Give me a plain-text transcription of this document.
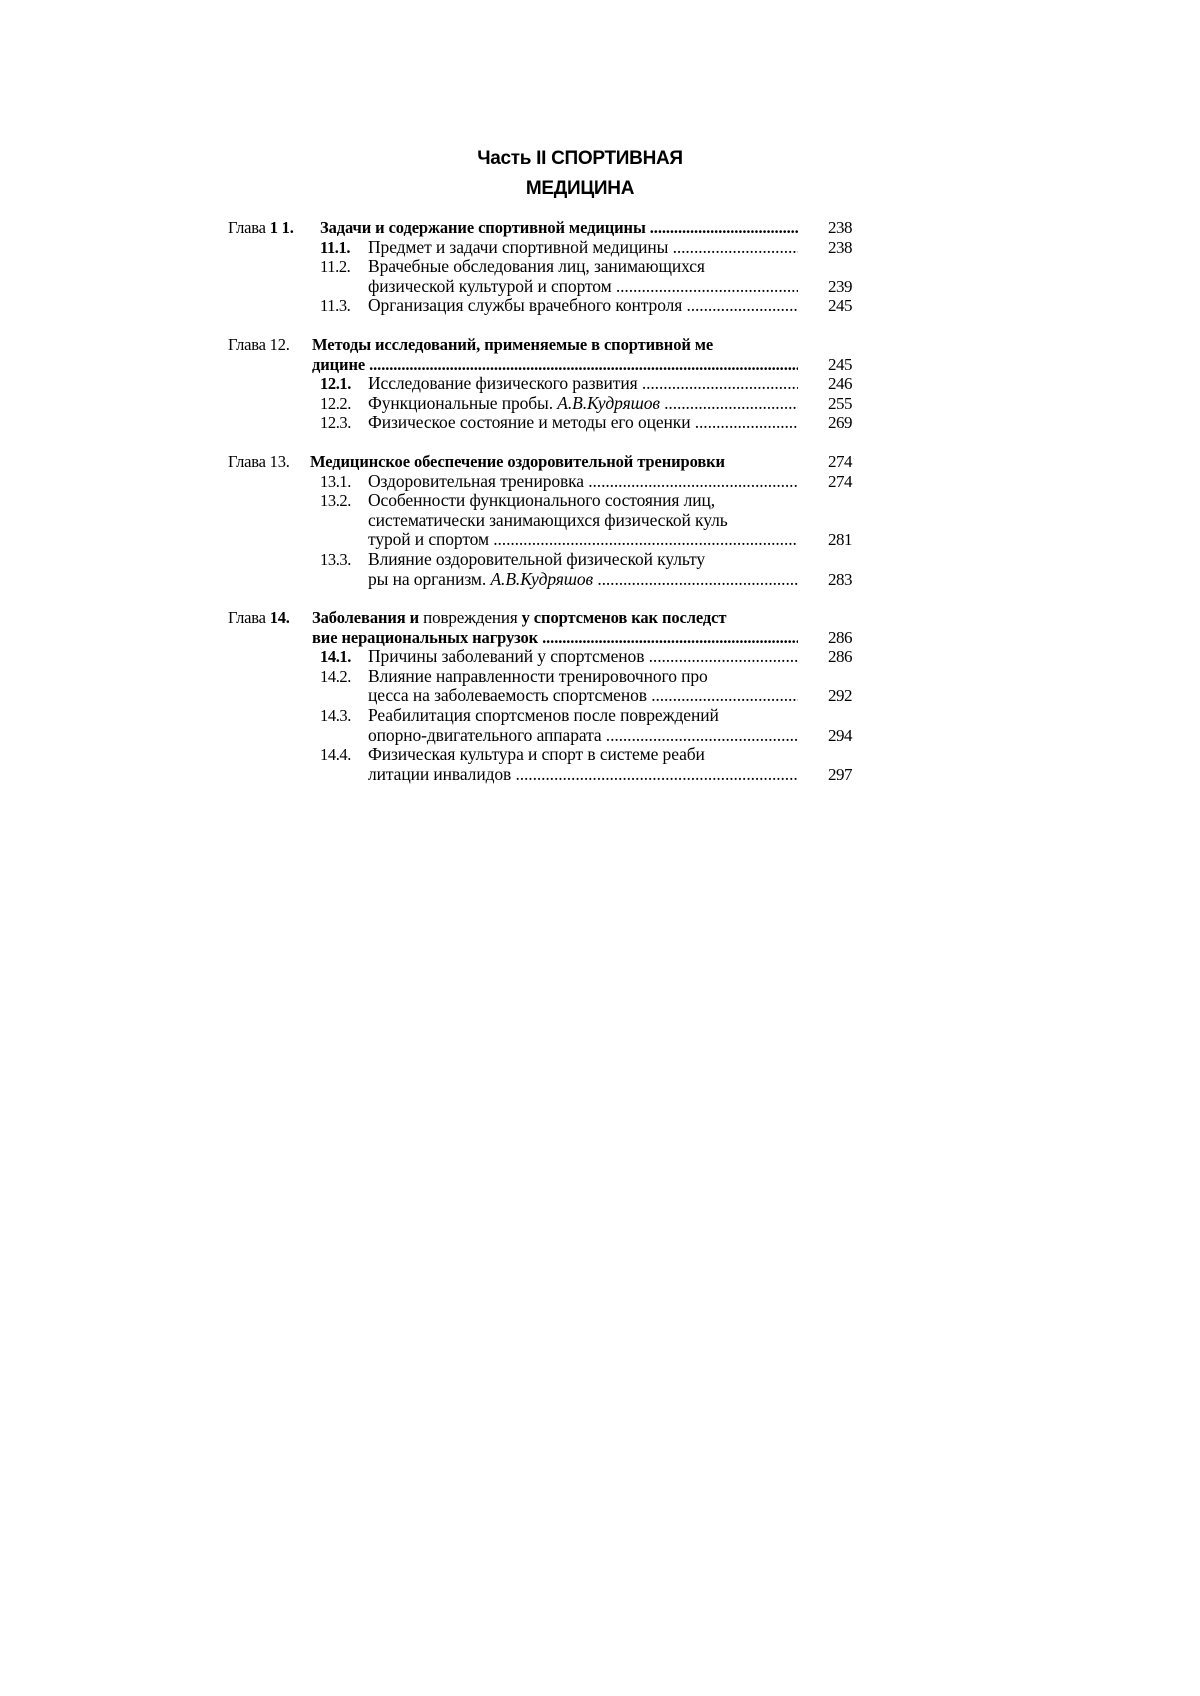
Часть II СПОРТИВНАЯ
МЕДИЦИНА
Глава 1 1. Задачи и содержание спортивной медицины .....	238
11.1. Предмет и задачи спортивной медицины .....	238
11.2. Врачебные обследования лиц, занимающихся
физической культурой и спортом .....	239
11.3. Организация службы врачебного контроля .....	245
Глава 12. Методы исследований, применяемые в спортивной ме
дицине .....	245
12.1. Исследование физического развития .....	246
12.2. Функциональные пробы. А.В.Кудряшов .....	255
12.3. Физическое состояние и методы его оценки .....	269
Глава 13. Медицинское обеспечение оздоровительной тренировки	274
13.1. Оздоровительная тренировка .....	274
13.2. Особенности функционального состояния лиц,
систематически занимающихся физической куль
турой и спортом .....	281
13.3. Влияние оздоровительной физической культу
ры на организм. А.В.Кудряшов .....	283
Глава 14. Заболевания и повреждения у спортсменов как последст
вие нерациональных нагрузок .....	286
14.1. Причины заболеваний у спортсменов .....	286
14.2. Влияние направленности тренировочного про
цесса на заболеваемость спортсменов .....	292
14.3. Реабилитация спортсменов после повреждений
опорно-двигательного аппарата .....	294
14.4. Физическая культура и спорт в системе реаби
литации инвалидов .....	297
